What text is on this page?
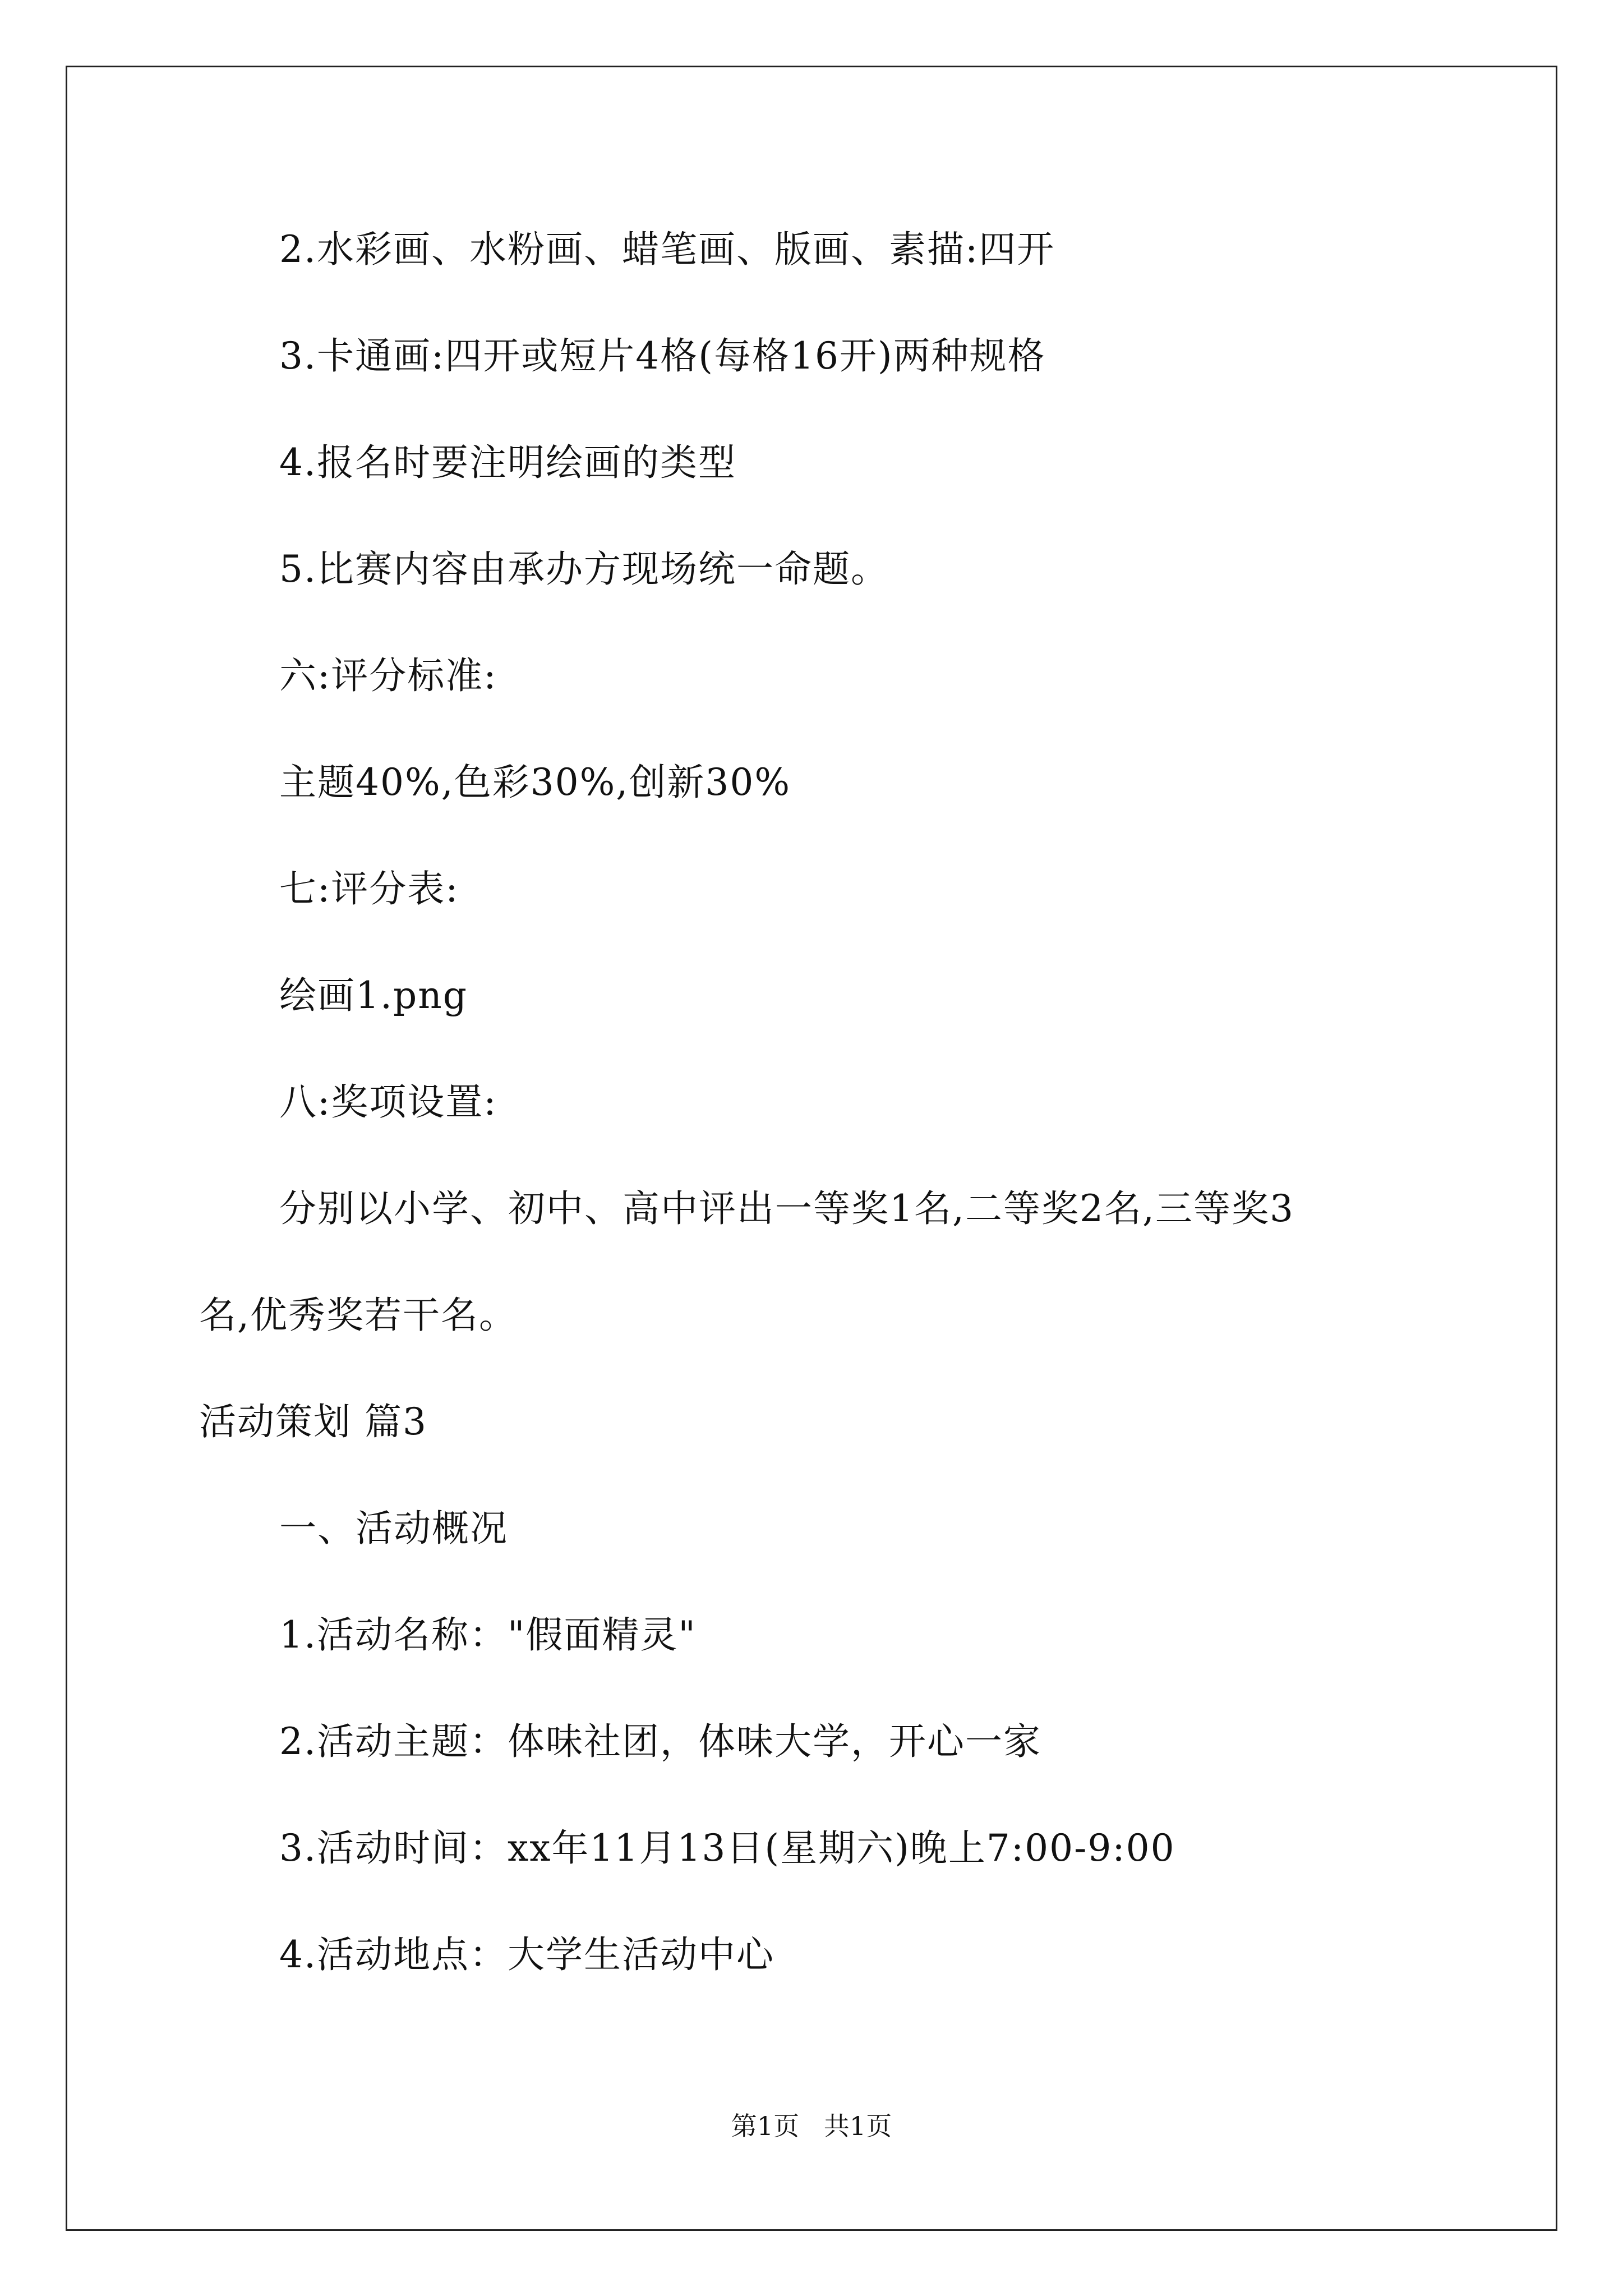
2.水彩画、水粉画、蜡笔画、版画、素描:四开
3.卡通画:四开或短片4格(每格16开)两种规格
4.报名时要注明绘画的类型
5.比赛内容由承办方现场统一命题。
六:评分标准:
主题40%,色彩30%,创新30%
七:评分表:
绘画1.png
八:奖项设置:
分别以小学、初中、高中评出一等奖1名,二等奖2名,三等奖3
名,优秀奖若干名。
活动策划 篇3
一、活动概况
1.活动名称："假面精灵"
2.活动主题：体味社团，体味大学，开心一家
3.活动时间：xx年11月13日(星期六)晚上7:00-9:00
4.活动地点：大学生活动中心
第1页   共1页
